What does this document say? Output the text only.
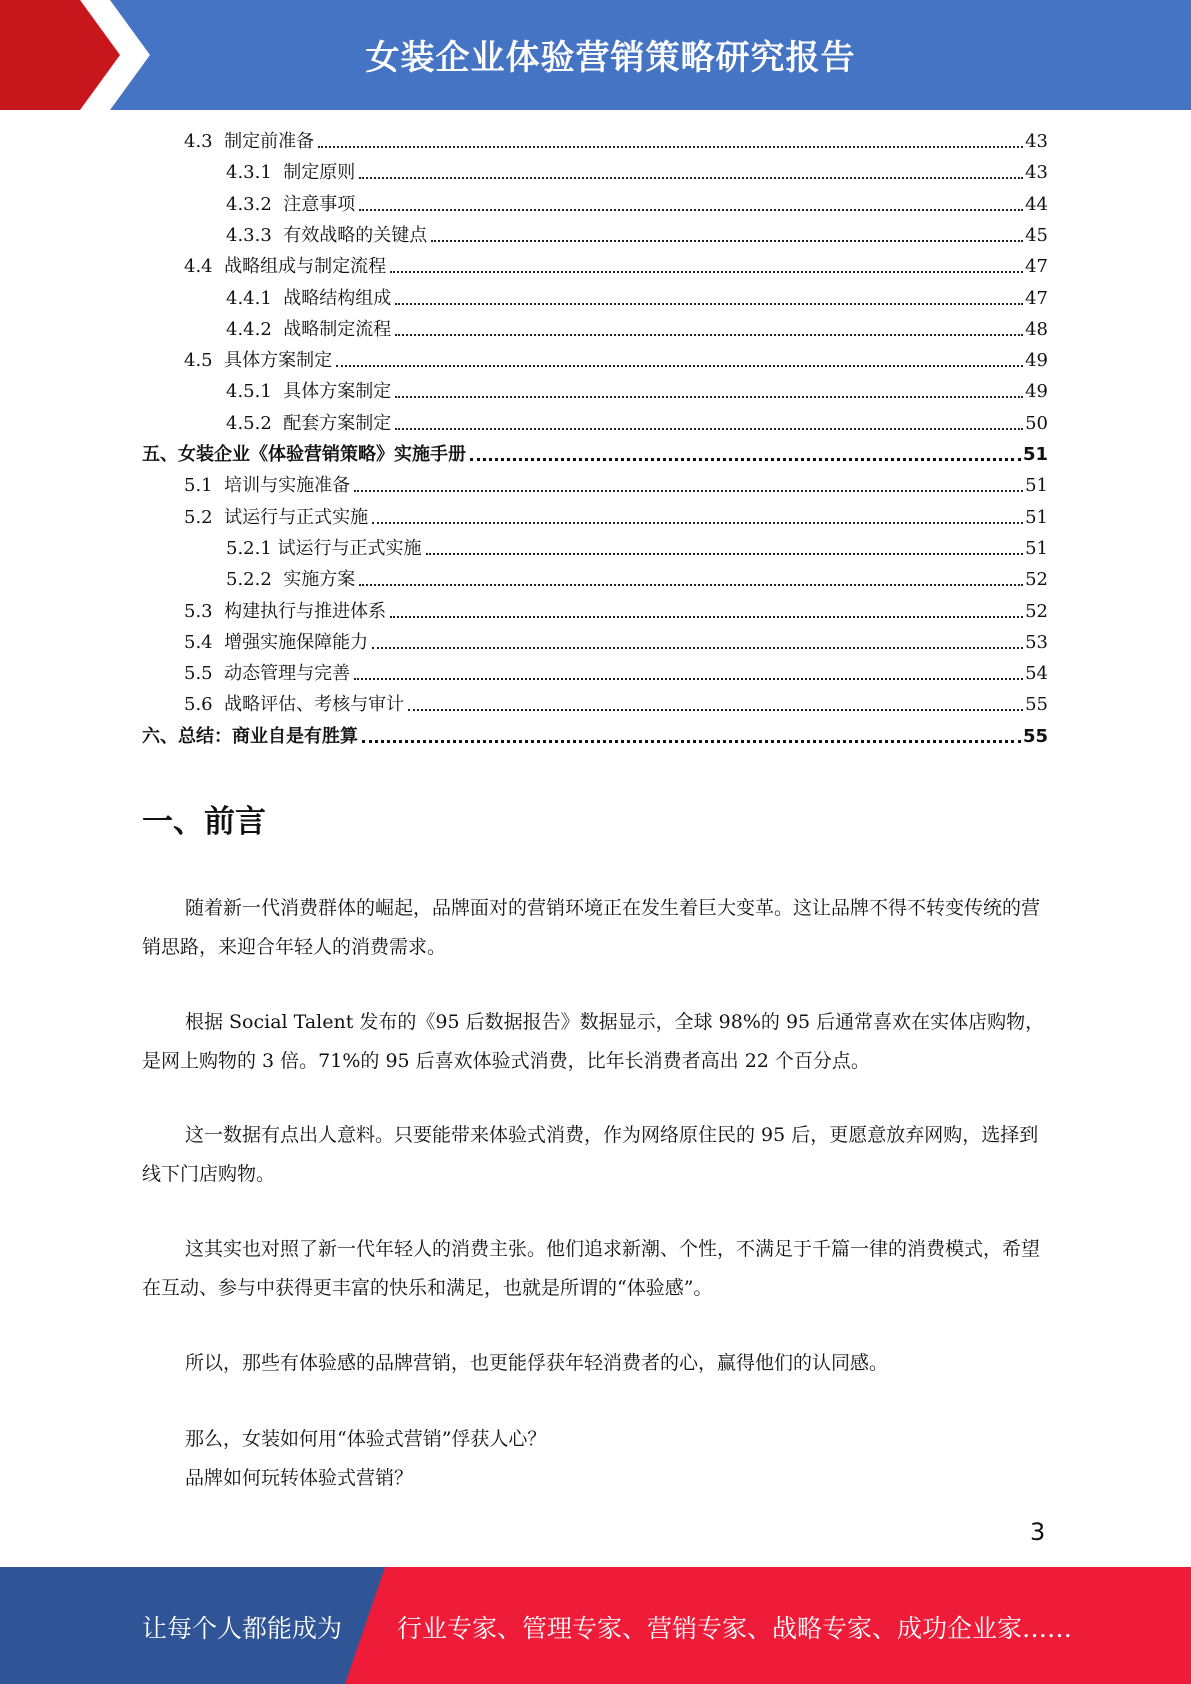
女装企业体验营销策略研究报告
4.3  制定前准备	43
4.3.1  制定原则	43
4.3.2  注意事项	44
4.3.3  有效战略的关键点	45
4.4  战略组成与制定流程	47
4.4.1  战略结构组成	47
4.4.2  战略制定流程	48
4.5  具体方案制定	49
4.5.1  具体方案制定	49
4.5.2  配套方案制定	50
五、女装企业《体验营销策略》实施手册	51
5.1  培训与实施准备	51
5.2  试运行与正式实施	51
5.2.1 试运行与正式实施	51
5.2.2  实施方案	52
5.3  构建执行与推进体系	52
5.4  增强实施保障能力	53
5.5  动态管理与完善	54
5.6  战略评估、考核与审计	55
六、总结：商业自是有胜算	55
一、前言

随着新一代消费群体的崛起，品牌面对的营销环境正在发生着巨大变革。这让品牌不得不转变传统的营销思路，来迎合年轻人的消费需求。

根据 Social Talent 发布的《95 后数据报告》数据显示，全球 98%的 95 后通常喜欢在实体店购物，是网上购物的 3 倍。71%的 95 后喜欢体验式消费，比年长消费者高出 22 个百分点。

这一数据有点出人意料。只要能带来体验式消费，作为网络原住民的 95 后，更愿意放弃网购，选择到线下门店购物。

这其实也对照了新一代年轻人的消费主张。他们追求新潮、个性，不满足于千篇一律的消费模式，希望在互动、参与中获得更丰富的快乐和满足，也就是所谓的“体验感”。

所以，那些有体验感的品牌营销，也更能俘获年轻消费者的心，赢得他们的认同感。

那么，女装如何用“体验式营销”俘获人心？

品牌如何玩转体验式营销？

3
让每个人都能成为 行业专家、管理专家、营销专家、战略专家、成功企业家……
